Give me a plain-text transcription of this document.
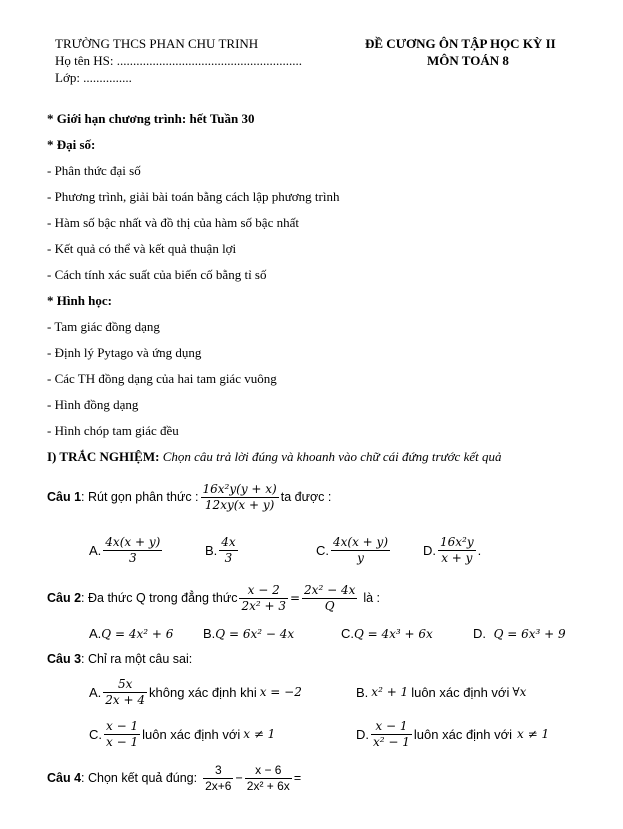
TRƯỜNG THCS PHAN CHU TRINH
Họ tên HS: .........................................................
Lớp: ...............
ĐỀ CƯƠNG ÔN TẬP HỌC KỲ II
MÔN TOÁN 8
* Giới hạn chương trình: hết Tuần 30
* Đại số:
- Phân thức đại số
- Phương trình, giải bài toán bằng cách lập phương trình
- Hàm số bậc nhất và đồ thị của hàm số bậc nhất
- Kết quả có thể và kết quả thuận lợi
- Cách tính xác suất của biến cố bằng tỉ số
* Hình học:
- Tam giác đồng dạng
- Định lý Pytago và ứng dụng
- Các TH đồng dạng của hai tam giác vuông
- Hình đồng dạng
- Hình chóp tam giác đều
I) TRẮC NGHIỆM: Chọn câu trả lời đúng và khoanh vào chữ cái đứng trước kết quả
Câu 1 : Rút gọn phân thức : $\frac{\text{16x²y(y + x)}}{12xy(x + y)}$ ta được :
A. $\frac{4x(x + y)}{3}$	B. $\frac{4x}{3}$	C. $\frac{4x(x + y)}{y}$	D. $\frac{\text{16x²y}}{x + y}$ .
Câu 2 : Đa thức Q trong đẳng thức $\frac{x - 2}{\text{2x² + 3}} = \frac{\text{2x² − 4x}}{Q}$ là :
A.Q = 4x² + 6 B.Q = 6x² − 4x	C.Q = 4x³ + 6x	D. Q = 6x³ + 9
Câu 3: Chỉ ra một câu sai:
A. $\frac{5x}{2x + 4}$ không xác định khi x = −2	B. x² + 1 luôn xác định với ∀x
C. $\frac{x - 1}{x - 1}$ luôn xác định với x ≠ 1	D. $\frac{x - 1}{\text{x² − 1}}$ luôn xác định với x ≠ 1
Câu 4 : Chọn kết quả đúng: $\frac{3}{2x+6} - \frac{x - 6}{\text{2x² + 6x}}$ =
